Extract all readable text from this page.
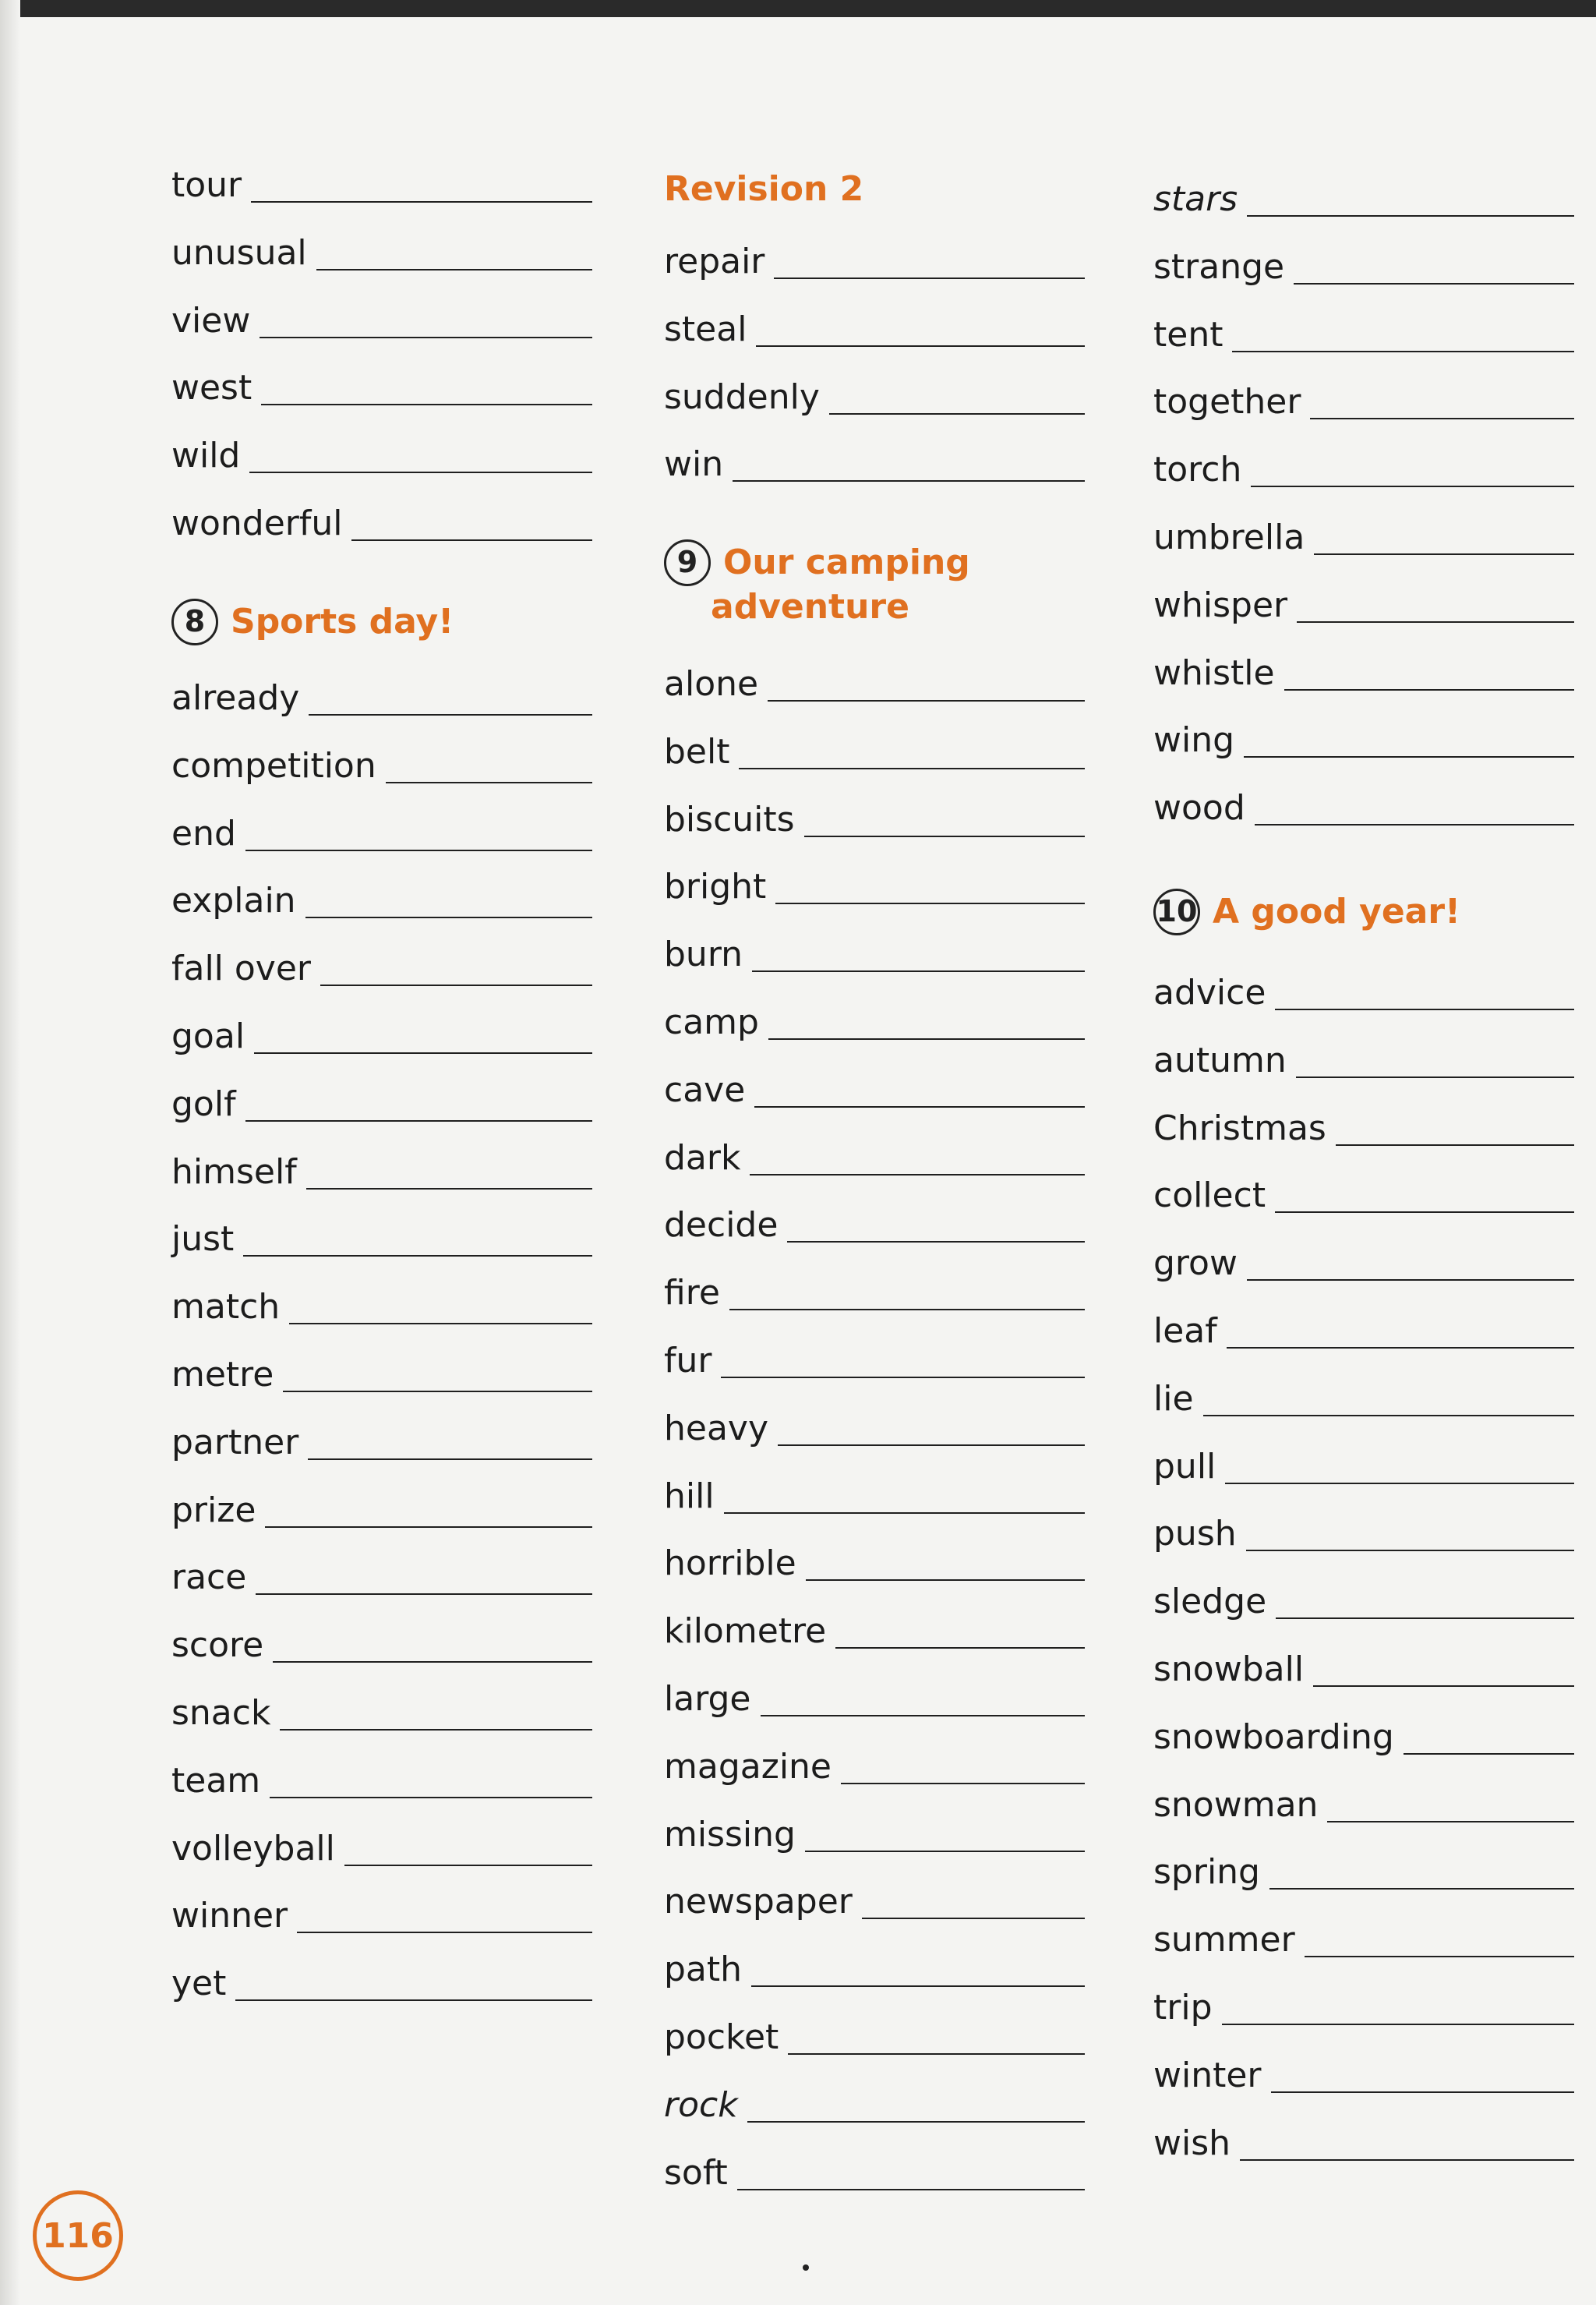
tour
unusual
view
west
wild
wonderful
8 Sports day!
already
competition
end
explain
fall over
goal
golf
himself
just
match
metre
partner
prize
race
score
snack
team
volleyball
winner
yet
Revision 2
repair
steal
suddenly
win
9 Our camping
adventure
alone
belt
biscuits
bright
burn
camp
cave
dark
decide
fire
fur
heavy
hill
horrible
kilometre
large
magazine
missing
newspaper
path
pocket
rock
soft
stars
strange
tent
together
torch
umbrella
whisper
whistle
wing
wood
10 A good year!
advice
autumn
Christmas
collect
grow
leaf
lie
pull
push
sledge
snowball
snowboarding
snowman
spring
summer
trip
winter
wish
116
